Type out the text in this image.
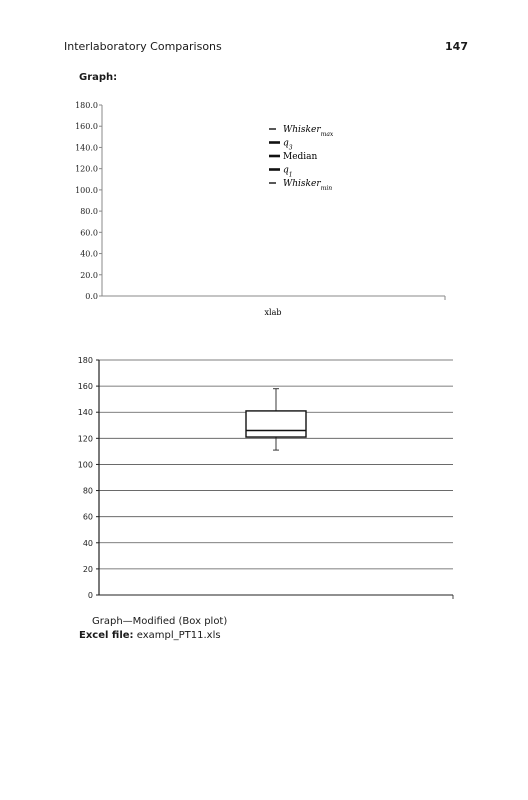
Interlaboratory Comparisons	147
Graph:
0.0
20.0
40.0
60.0
80.0
100.0
120.0
140.0
160.0
180.0
xlab
Whisker$_{max}$
$q_3$
Median
$q_1$
Whisker$_{min}$
0
20
40
60
80
100
120
140
160
180
Graph—Modified (Box plot)
Excel file: exampl_PT11.xls
